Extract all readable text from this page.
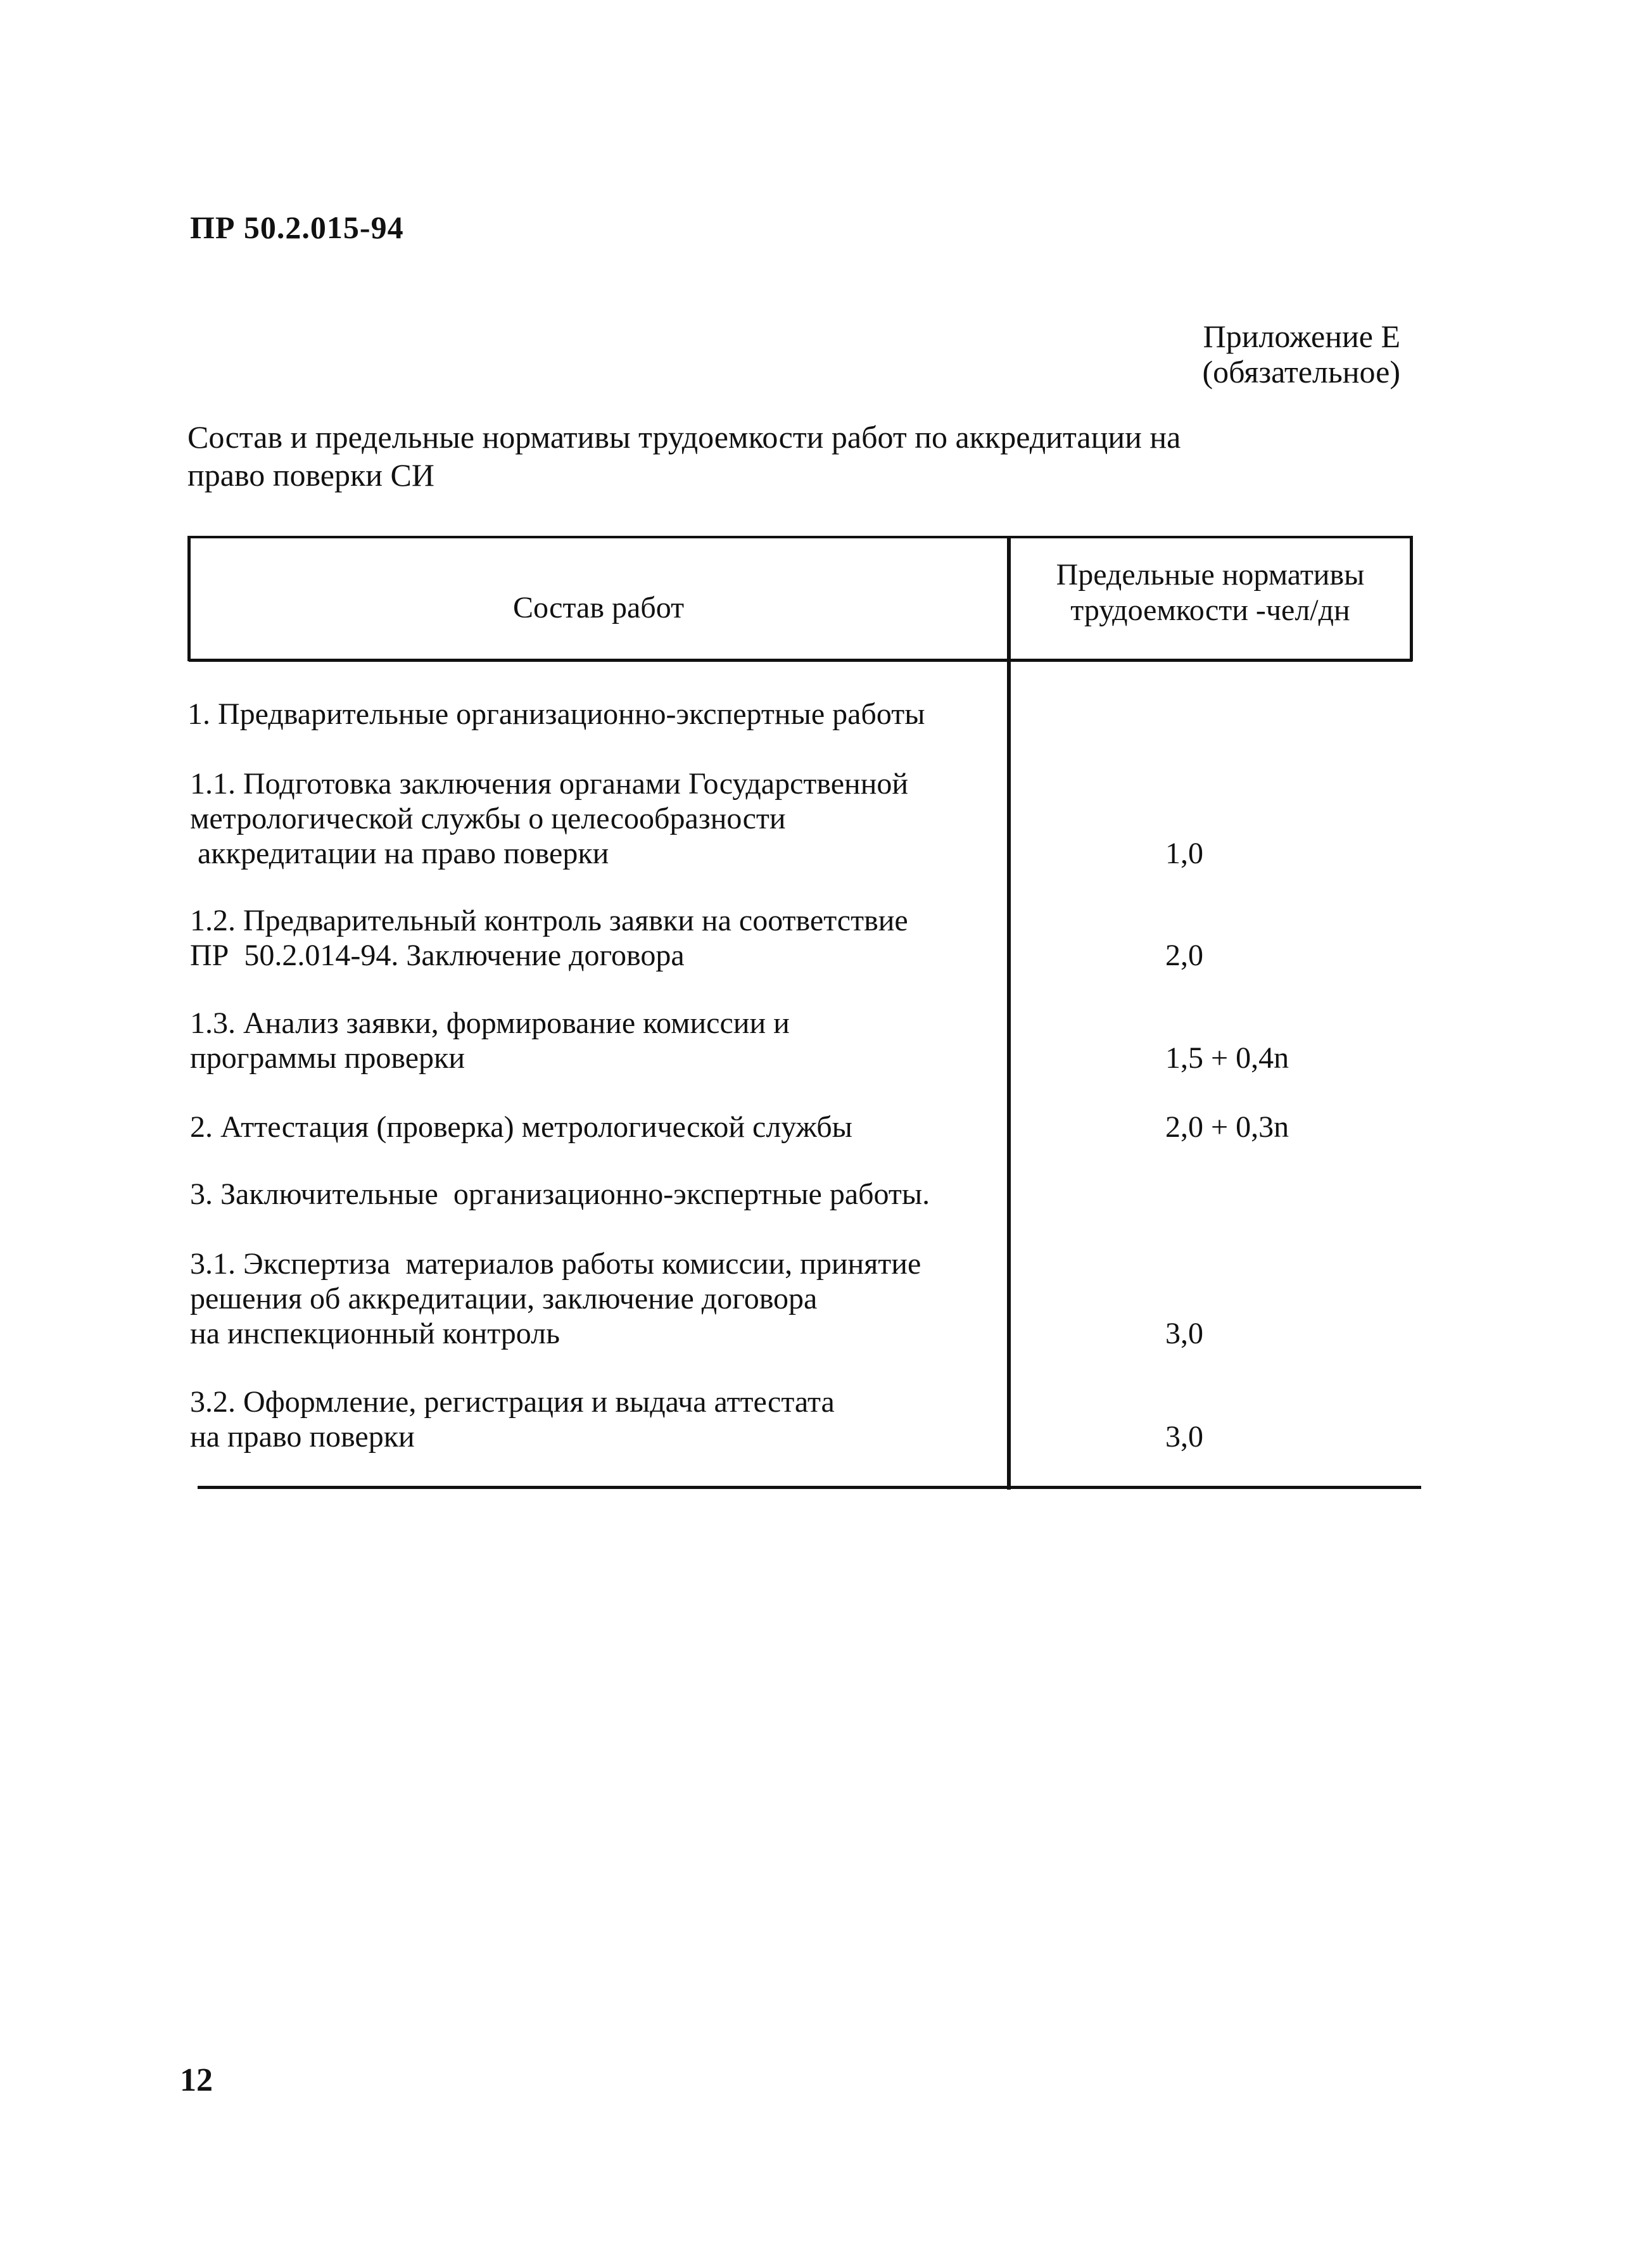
ПР 50.2.015-94
Приложение Е
(обязательное)
Состав и предельные нормативы трудоемкости работ по аккредитации на право поверки СИ
Состав работ
Предельные нормативы
трудоемкости -чел/дн
1. Предварительные организационно-экспертные работы
1.1. Подготовка заключения органами Государственной
метрологической службы о целесообразности
аккредитации на право поверки	1,0
1.2. Предварительный контроль заявки на соответствие
ПР  50.2.014-94. Заключение договора	2,0
1.3. Анализ заявки, формирование комиссии и
программы проверки	1,5 + 0,4n
2. Аттестация (проверка) метрологической службы	2,0 + 0,3n
3. Заключительные  организационно-экспертные работы.
3.1. Экспертиза  материалов работы комиссии, принятие
решения об аккредитации, заключение договора
на инспекционный контроль	3,0
3.2. Оформление, регистрация и выдача аттестата
на право поверки	3,0
12
